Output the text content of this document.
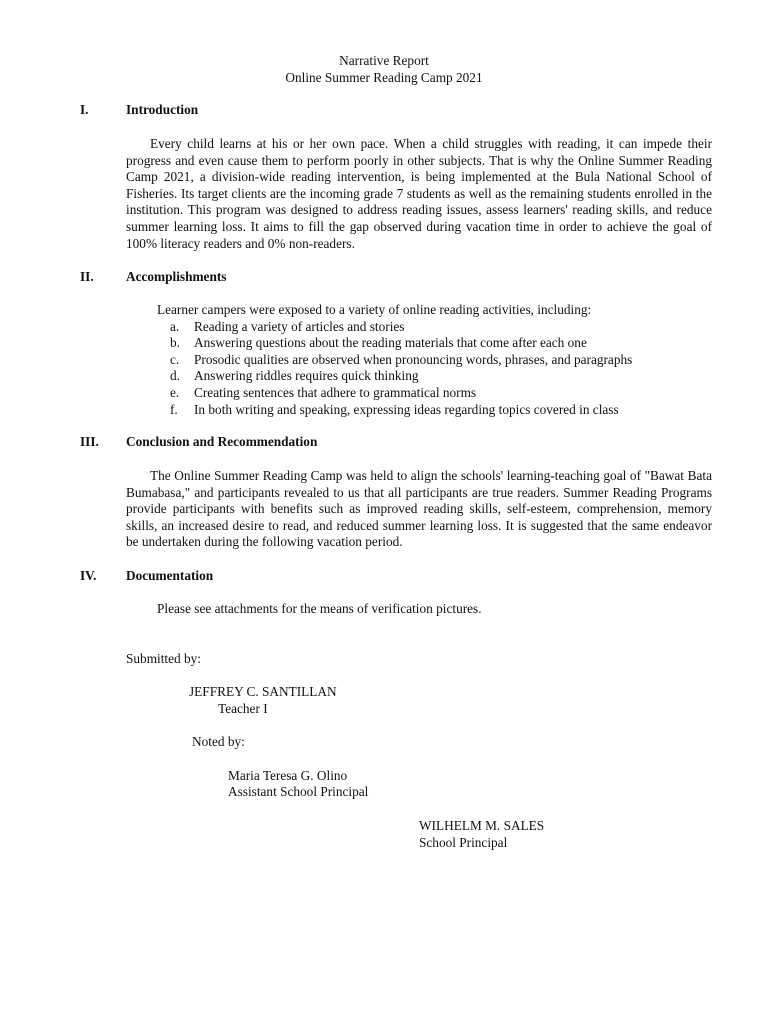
Narrative Report
Online Summer Reading Camp 2021
I.	Introduction

Every child learns at his or her own pace. When a child struggles with reading, it can impede their progress and even cause them to perform poorly in other subjects. That is why the Online Summer Reading Camp 2021, a division-wide reading intervention, is being implemented at the Bula National School of Fisheries. Its target clients are the incoming grade 7 students as well as the remaining students enrolled in the institution. This program was designed to address reading issues, assess learners' reading skills, and reduce summer learning loss. It aims to fill the gap observed during vacation time in order to achieve the goal of 100% literacy readers and 0% non-readers.

II. Accomplishments
Learner campers were exposed to a variety of online reading activities, including:
a. Reading a variety of articles and stories
b. Answering questions about the reading materials that come after each one
c. Prosodic qualities are observed when pronouncing words, phrases, and paragraphs
d. Answering riddles requires quick thinking
e. Creating sentences that adhere to grammatical norms
f. In both writing and speaking, expressing ideas regarding topics covered in class
III. Conclusion and Recommendation

The Online Summer Reading Camp was held to align the schools' learning-teaching goal of "Bawat Bata Bumabasa," and participants revealed to us that all participants are true readers. Summer Reading Programs provide participants with benefits such as improved reading skills, self-esteem, comprehension, memory skills, an increased desire to read, and reduced summer learning loss. It is suggested that the same endeavor be undertaken during the following vacation period.

IV. Documentation
Please see attachments for the means of verification pictures.
Submitted by:
JEFFREY C. SANTILLAN
Teacher I
Noted by:
Maria Teresa G. Olino
Assistant School Principal
WILHELM M. SALES
School Principal
